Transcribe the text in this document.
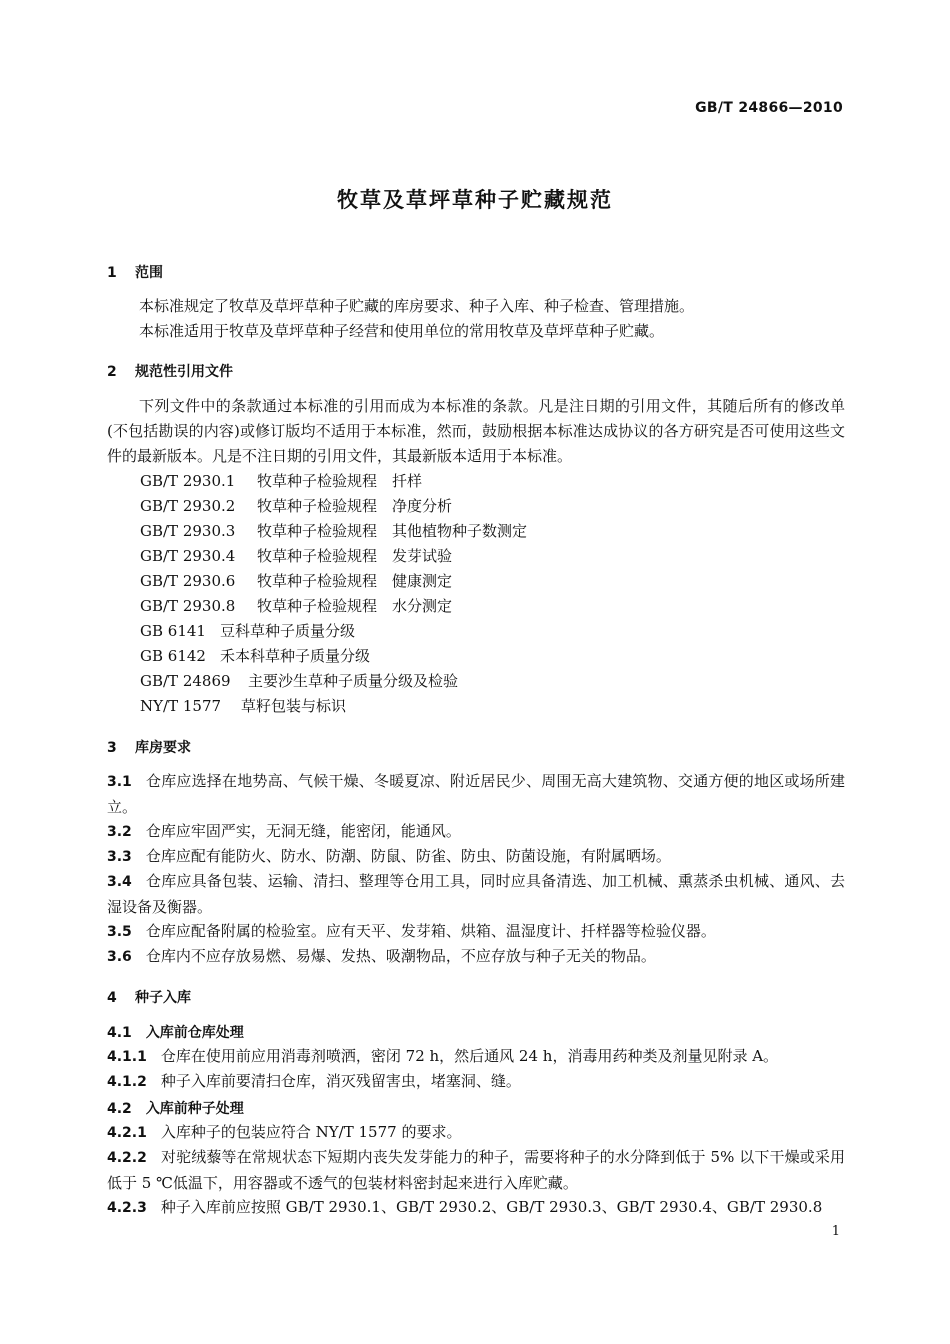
GB/T 24866—2010
牧草及草坪草种子贮藏规范
1 范围
本标准规定了牧草及草坪草种子贮藏的库房要求、种子入库、种子检查、管理措施。
本标准适用于牧草及草坪草种子经营和使用单位的常用牧草及草坪草种子贮藏。
2 规范性引用文件
下列文件中的条款通过本标准的引用而成为本标准的条款。凡是注日期的引用文件，其随后所有的修改单(不包括勘误的内容)或修订版均不适用于本标准，然而，鼓励根据本标准达成协议的各方研究是否可使用这些文件的最新版本。凡是不注日期的引用文件，其最新版本适用于本标准。
GB/T 2930.1 牧草种子检验规程　扦样
GB/T 2930.2 牧草种子检验规程　净度分析
GB/T 2930.3 牧草种子检验规程　其他植物种子数测定
GB/T 2930.4 牧草种子检验规程　发芽试验
GB/T 2930.6 牧草种子检验规程　健康测定
GB/T 2930.8 牧草种子检验规程　水分测定
GB 6141 豆科草种子质量分级
GB 6142 禾本科草种子质量分级
GB/T 24869 主要沙生草种子质量分级及检验
NY/T 1577 草籽包装与标识
3 库房要求
3.1 仓库应选择在地势高、气候干燥、冬暖夏凉、附近居民少、周围无高大建筑物、交通方便的地区或场所建立。
3.2 仓库应牢固严实，无洞无缝，能密闭，能通风。
3.3 仓库应配有能防火、防水、防潮、防鼠、防雀、防虫、防菌设施，有附属晒场。
3.4 仓库应具备包装、运输、清扫、整理等仓用工具，同时应具备清选、加工机械、熏蒸杀虫机械、通风、去湿设备及衡器。
3.5 仓库应配备附属的检验室。应有天平、发芽箱、烘箱、温湿度计、扦样器等检验仪器。
3.6 仓库内不应存放易燃、易爆、发热、吸潮物品，不应存放与种子无关的物品。
4 种子入库
4.1 入库前仓库处理
4.1.1 仓库在使用前应用消毒剂喷洒，密闭 72 h，然后通风 24 h，消毒用药种类及剂量见附录 A。
4.1.2 种子入库前要清扫仓库，消灭残留害虫，堵塞洞、缝。
4.2 入库前种子处理
4.2.1 入库种子的包装应符合 NY/T 1577 的要求。
4.2.2 对驼绒藜等在常规状态下短期内丧失发芽能力的种子，需要将种子的水分降到低于 5% 以下干燥或采用低于 5 ℃低温下，用容器或不透气的包装材料密封起来进行入库贮藏。
4.2.3 种子入库前应按照 GB/T 2930.1、GB/T 2930.2、GB/T 2930.3、GB/T 2930.4、GB/T 2930.8
1
